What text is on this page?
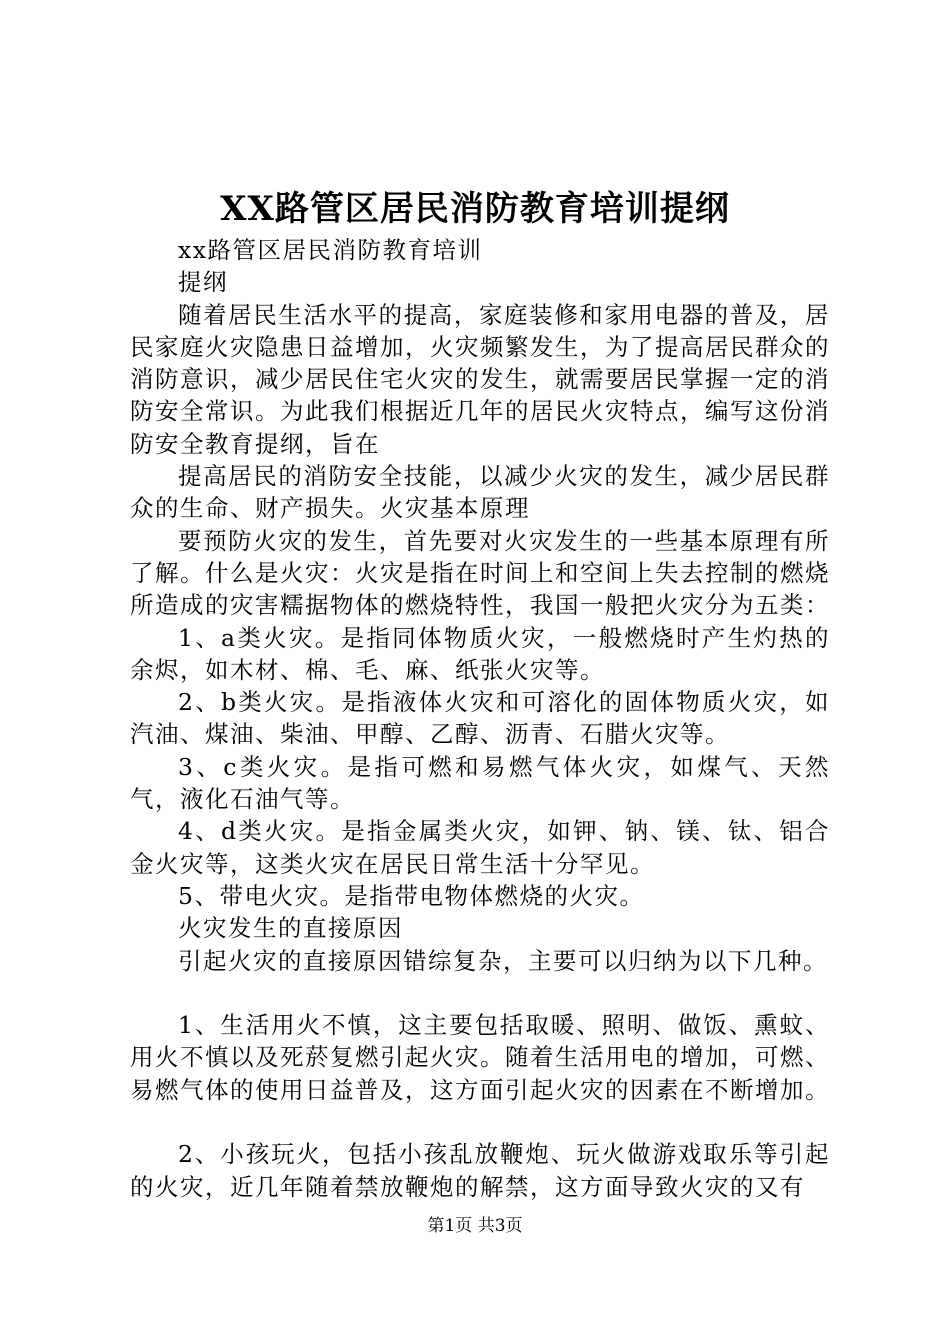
XX路管区居民消防教育培训提纲

xx路管区居民消防教育培训

提纲

随着居民生活水平的提高，家庭装修和家用电器的普及，居民家庭火灾隐患日益增加，火灾频繁发生，为了提高居民群众的消防意识，减少居民住宅火灾的发生，就需要居民掌握一定的消防安全常识。为此我们根据近几年的居民火灾特点，编写这份消防安全教育提纲，旨在

提高居民的消防安全技能，以减少火灾的发生，减少居民群众的生命、财产损失。火灾基本原理

要预防火灾的发生，首先要对火灾发生的一些基本原理有所了解。什么是火灾：火灾是指在时间上和空间上失去控制的燃烧所造成的灾害糯据物体的燃烧特性，我国一般把火灾分为五类：

1、a类火灾。是指同体物质火灾，一般燃烧时产生灼热的余烬，如木材、棉、毛、麻、纸张火灾等。

2、b类火灾。是指液体火灾和可溶化的固体物质火灾，如汽油、煤油、柴油、甲醇、乙醇、沥青、石腊火灾等。

3、c类火灾。是指可燃和易燃气体火灾，如煤气、天然气，液化石油气等。

4、d类火灾。是指金属类火灾，如钾、钠、镁、钛、铝合金火灾等，这类火灾在居民日常生活十分罕见。

5、带电火灾。是指带电物体燃烧的火灾。

火灾发生的直接原因

引起火灾的直接原因错综复杂，主要可以归纳为以下几种。

1、生活用火不慎，这主要包括取暖、照明、做饭、熏蚊、用火不慎以及死菸复燃引起火灾。随着生活用电的增加，可燃、易燃气体的使用日益普及，这方面引起火灾的因素在不断增加。

2、小孩玩火，包括小孩乱放鞭炮、玩火做游戏取乐等引起的火灾，近几年随着禁放鞭炮的解禁，这方面导致火灾的又有

第1页 共3页
